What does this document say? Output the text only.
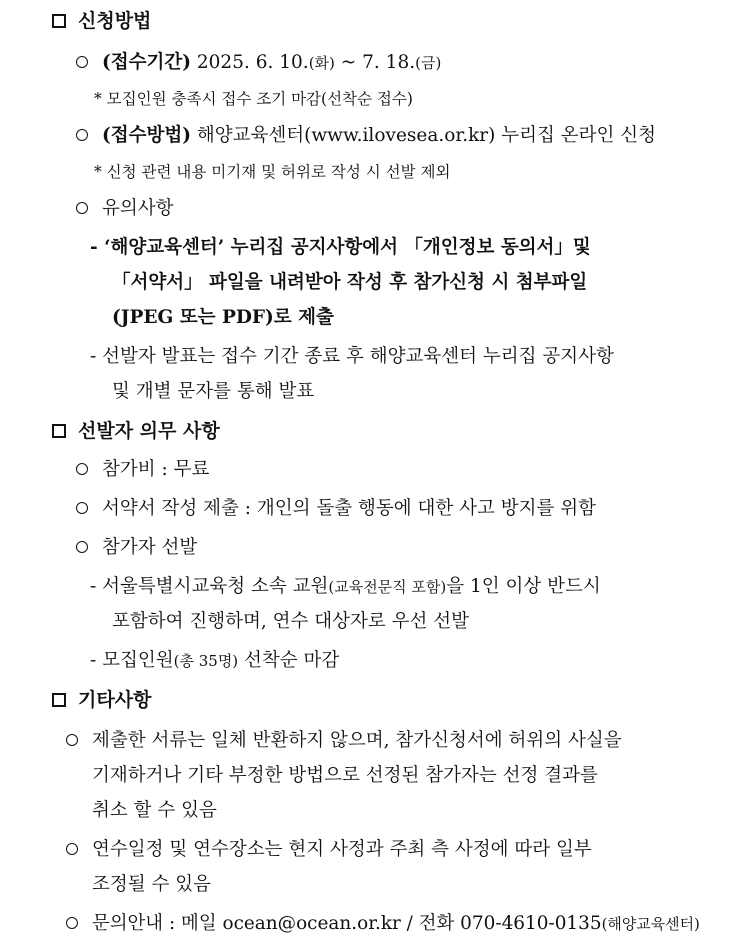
신청방법
(접수기간) 2025. 6. 10.(화) ~ 7. 18.(금)
* 모집인원 충족시 접수 조기 마감(선착순 접수)
(접수방법) 해양교육센터(www.ilovesea.or.kr) 누리집 온라인 신청
* 신청 관련 내용 미기재 및 허위로 작성 시 선발 제외
유의사항
- ‘해양교육센터’ 누리집 공지사항에서 「개인정보 동의서」및
「서약서」 파일을 내려받아 작성 후 참가신청 시 첨부파일
(JPEG 또는 PDF)로 제출
- 선발자 발표는 접수 기간 종료 후 해양교육센터 누리집 공지사항
및 개별 문자를 통해 발표
선발자 의무 사항
참가비 : 무료
서약서 작성 제출 : 개인의 돌출 행동에 대한 사고 방지를 위함
참가자 선발
- 서울특별시교육청 소속 교원(교육전문직 포함)을 1인 이상 반드시
포함하여 진행하며, 연수 대상자로 우선 선발
- 모집인원(총 35명) 선착순 마감
기타사항
제출한 서류는 일체 반환하지 않으며, 참가신청서에 허위의 사실을
기재하거나 기타 부정한 방법으로 선정된 참가자는 선정 결과를
취소 할 수 있음
연수일정 및 연수장소는 현지 사정과 주최 측 사정에 따라 일부
조정될 수 있음
문의안내 : 메일 ocean@ocean.or.kr / 전화 070-4610-0135(해양교육센터)
